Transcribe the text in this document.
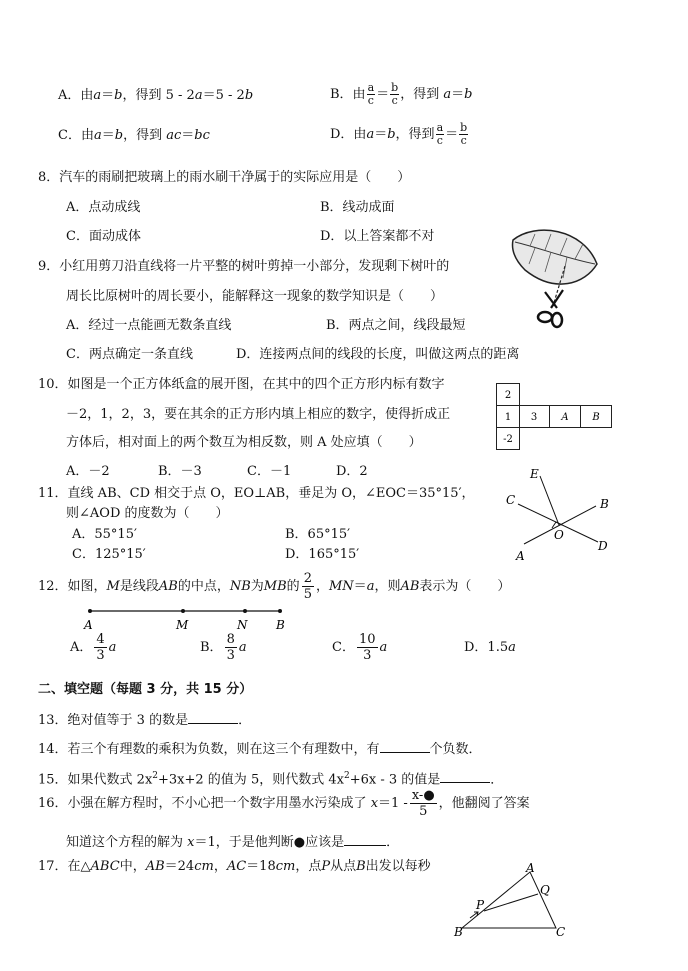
A．由a＝b，得到 5 - 2a＝5 - 2b	B．由 $\frac{a}{c} = \frac{b}{c}$ ，得到 a＝b
C．由a＝b，得到 ac＝bc	D．由a＝b，得到 $\frac{a}{c} = \frac{b}{c}$
8．汽车的雨刷把玻璃上的雨水刷干净属于的实际应用是（　　）
A．点动成线	B．线动成面
C．面动成体	D．以上答案都不对
9．小红用剪刀沿直线将一片平整的树叶剪掉一小部分，发现剩下树叶的
周长比原树叶的周长要小，能解释这一现象的数学知识是（　　）
A．经过一点能画无数条直线	B．两点之间，线段最短
C．两点确定一条直线	D．连接两点间的线段的长度，叫做这两点的距离
10．如图是一个正方体纸盒的展开图，在其中的四个正方形内标有数字
－2，1，2，3，要在其余的正方形内填上相应的数字，使得折成正
方体后，相对面上的两个数互为相反数，则 A 处应填（　　）
A．－2	B．－3	C．－1	D．2
2
1 3 A B
-2
11．直线 AB、CD 相交于点 O，EO⊥AB，垂足为 O，∠EOC＝35°15′，
则∠AOD 的度数为（　　）
A．55°15′	B．65°15′
C．125°15′	D．165°15′
E
C	B
O
D
A
12．如图，M是线段AB的中点，NB为MB的 $\frac{2}{5}$ ，MN＝a，则AB表示为（　　）
A	M	N B
A． $\frac{4}{3}$ a	B． $\frac{8}{3}$ a	C． $\frac{10}{3}$ a	D．1.5a
二、填空题（每题 3 分，共 15 分）
13．绝对值等于 3 的数是	．
14．若三个有理数的乘积为负数，则在这三个有理数中，有	个负数．
15．如果代数式 $2x^2+3x+2$ 的值为 5，则代数式 $4x^2+6x - 3$ 的值是	．
16．小强在解方程时，不小心把一个数字用墨水污染成了 $x=1 - \frac{x-●}{5}$ ，他翻阅了答案
知道这个方程的解为 x＝1，于是他判断●应该是	．
17．在△ABC中，AB＝24cm，AC＝18cm，点P从点B出发以每秒	A
Q
P
B	C
